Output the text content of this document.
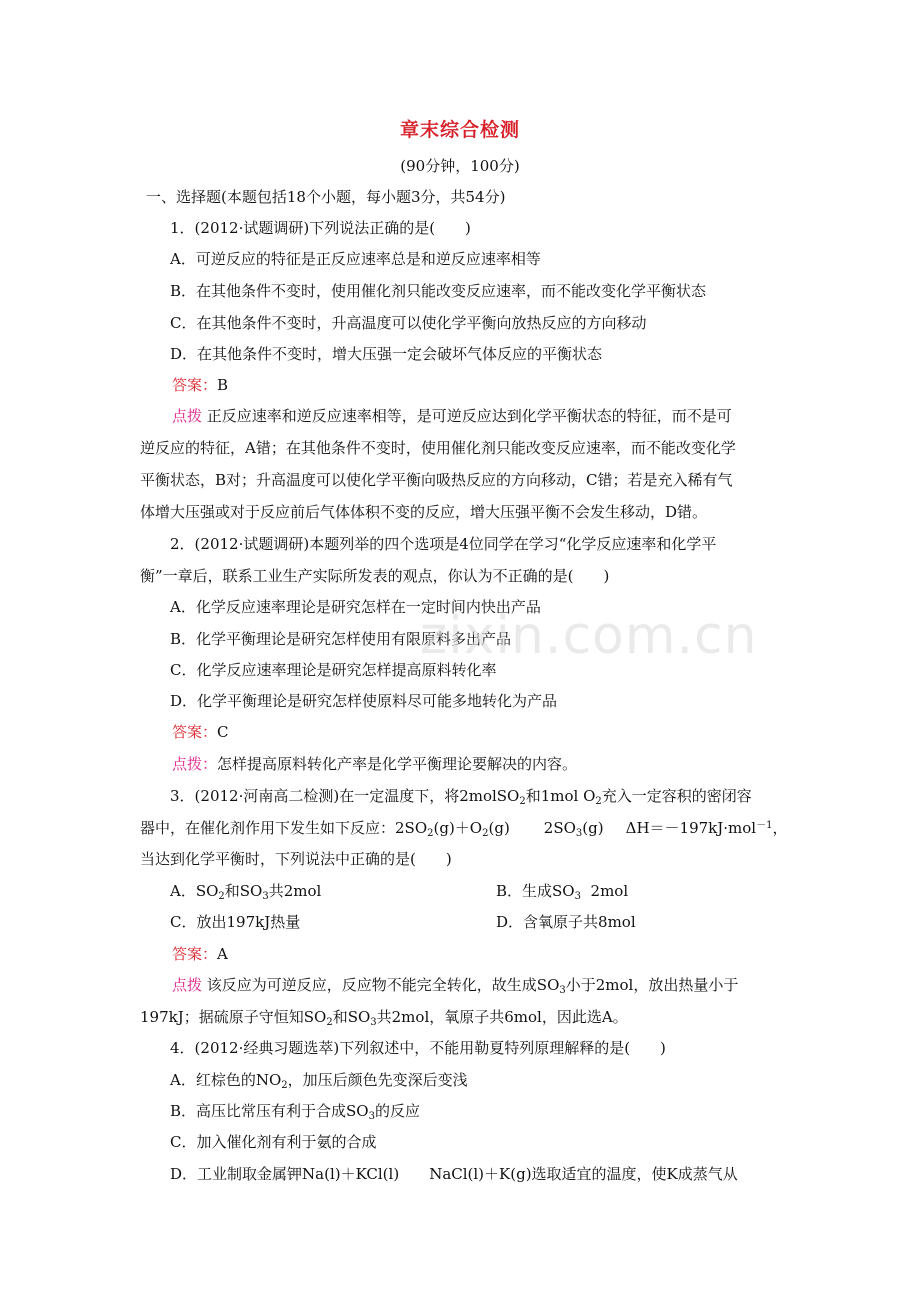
章末综合检测
(90分钟，100分)
一、选择题(本题包括18个小题，每小题3分，共54分)
1．(2012·试题调研)下列说法正确的是(　　)
A．可逆反应的特征是正反应速率总是和逆反应速率相等
B．在其他条件不变时，使用催化剂只能改变反应速率，而不能改变化学平衡状态
C．在其他条件不变时，升高温度可以使化学平衡向放热反应的方向移动
D．在其他条件不变时，增大压强一定会破坏气体反应的平衡状态
答案：B
点拨 正反应速率和逆反应速率相等，是可逆反应达到化学平衡状态的特征，而不是可
逆反应的特征，A错；在其他条件不变时，使用催化剂只能改变反应速率，而不能改变化学
平衡状态，B对；升高温度可以使化学平衡向吸热反应的方向移动，C错；若是充入稀有气
体增大压强或对于反应前后气体体积不变的反应，增大压强平衡不会发生移动，D错。
2．(2012·试题调研)本题列举的四个选项是4位同学在学习“化学反应速率和化学平
衡”一章后，联系工业生产实际所发表的观点，你认为不正确的是(　　)
A．化学反应速率理论是研究怎样在一定时间内快出产品
B．化学平衡理论是研究怎样使用有限原料多出产品
C．化学反应速率理论是研究怎样提高原料转化率
D．化学平衡理论是研究怎样使原料尽可能多地转化为产品
答案：C
点拨：怎样提高原料转化产率是化学平衡理论要解决的内容。
3．(2012·河南高二检测)在一定温度下，将2molSO$_2$和1mol $O_2$充入一定容积的密闭容
器中，在催化剂作用下发生如下反应：$2SO_2(g)+O_2(g)$ $2SO_3(g)$ ΔH＝－197kJ·mol$^{-1}$，
当达到化学平衡时，下列说法中正确的是(　　)
A．$SO_2$和$SO_3$共2mol	B．生成$SO_3$ 2mol
C．放出197kJ热量	D．含氧原子共8mol
答案：A
点拨 该反应为可逆反应，反应物不能完全转化，故生成$SO_3$小于2mol，放出热量小于
197kJ；据硫原子守恒知$SO_2$和$SO_3$共2mol，氧原子共6mol，因此选A。
4．(2012·经典习题选萃)下列叙述中，不能用勒夏特列原理解释的是(　　)
A．红棕色的$NO_2$，加压后颜色先变深后变浅
B．高压比常压有利于合成$SO_3$的反应
C．加入催化剂有利于氨的合成
D．工业制取金属钾Na(l)＋KCl(l) NaCl(l)＋K(g)选取适宜的温度，使K成蒸气从
zixin.com.cn
